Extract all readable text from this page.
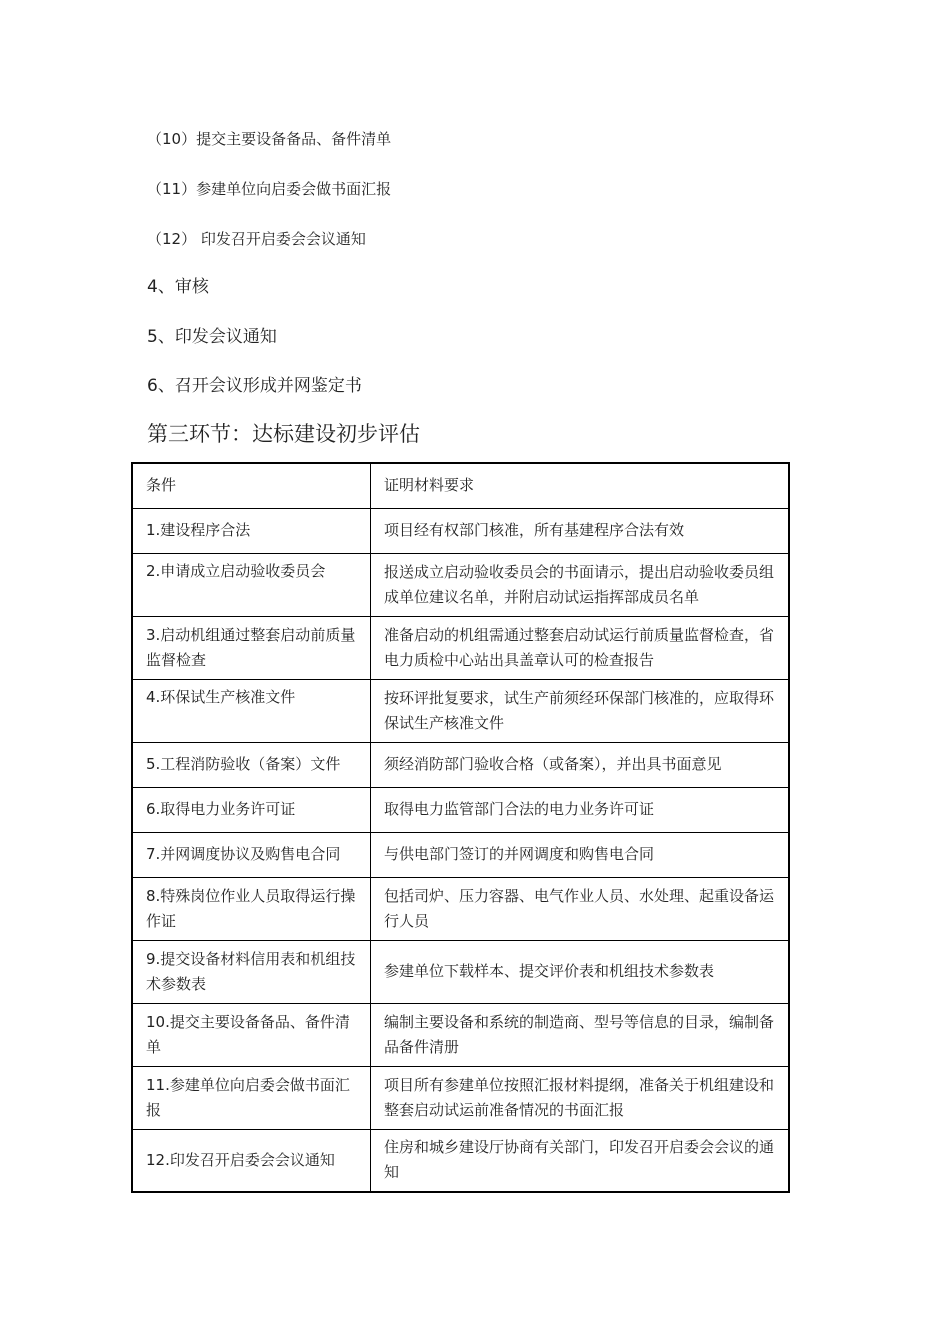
（10）提交主要设备备品、备件清单
（11）参建单位向启委会做书面汇报
（12） 印发召开启委会会议通知
4、审核
5、印发会议通知
6、召开会议形成并网鉴定书
第三环节：达标建设初步评估
条件	证明材料要求
1.建设程序合法	项目经有权部门核准，所有基建程序合法有效
2.申请成立启动验收委员会	报送成立启动验收委员会的书面请示，提出启动验收委员组成单位建议名单，并附启动试运指挥部成员名单
3.启动机组通过整套启动前质量监督检查	准备启动的机组需通过整套启动试运行前质量监督检查，省电力质检中心站出具盖章认可的检查报告
4.环保试生产核准文件	按环评批复要求，试生产前须经环保部门核准的，应取得环保试生产核准文件
5.工程消防验收（备案）文件	须经消防部门验收合格（或备案），并出具书面意见
6.取得电力业务许可证	取得电力监管部门合法的电力业务许可证
7.并网调度协议及购售电合同	与供电部门签订的并网调度和购售电合同
8.特殊岗位作业人员取得运行操作证	包括司炉、压力容器、电气作业人员、水处理、起重设备运行人员
9.提交设备材料信用表和机组技术参数表	参建单位下载样本、提交评价表和机组技术参数表
10.提交主要设备备品、备件清单	编制主要设备和系统的制造商、型号等信息的目录，编制备品备件清册
11.参建单位向启委会做书面汇报	项目所有参建单位按照汇报材料提纲，准备关于机组建设和整套启动试运前准备情况的书面汇报
12.印发召开启委会会议通知	住房和城乡建设厅协商有关部门，印发召开启委会会议的通知
